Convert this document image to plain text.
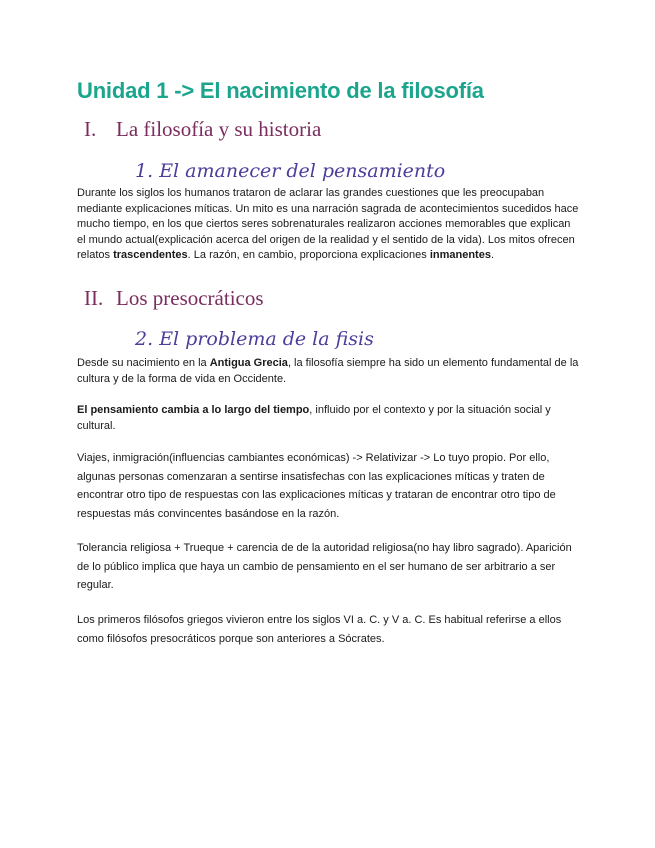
Unidad 1 -> El nacimiento de la filosofía
I. La filosofía y su historia
1. El amanecer del pensamiento

Durante los siglos los humanos trataron de aclarar las grandes cuestiones que les preocupaban mediante explicaciones míticas. Un mito es una narración sagrada de acontecimientos sucedidos hace mucho tiempo, en los que ciertos seres sobrenaturales realizaron acciones memorables que explican el mundo actual(explicación acerca del origen de la realidad y el sentido de la vida). Los mitos ofrecen relatos trascendentes. La razón, en cambio, proporciona explicaciones inmanentes.

II. Los presocráticos
2. El problema de la fisis

Desde su nacimiento en la Antigua Grecia, la filosofía siempre ha sido un elemento fundamental de la cultura y de la forma de vida en Occidente.

El pensamiento cambia a lo largo del tiempo, influido por el contexto y por la situación social y cultural.

Viajes, inmigración(influencias cambiantes económicas) -> Relativizar -> Lo tuyo propio. Por ello, algunas personas comenzaran a sentirse insatisfechas con las explicaciones míticas y traten de encontrar otro tipo de respuestas con las explicaciones míticas y trataran de encontrar otro tipo de respuestas más convincentes basándose en la razón.

Tolerancia religiosa + Trueque + carencia de de la autoridad religiosa(no hay libro sagrado). Aparición de lo público implica que haya un cambio de pensamiento en el ser humano de ser arbitrario a ser regular.

Los primeros filósofos griegos vivieron entre los siglos VI a. C. y V a. C. Es habitual referirse a ellos como filósofos presocráticos porque son anteriores a Sócrates.
